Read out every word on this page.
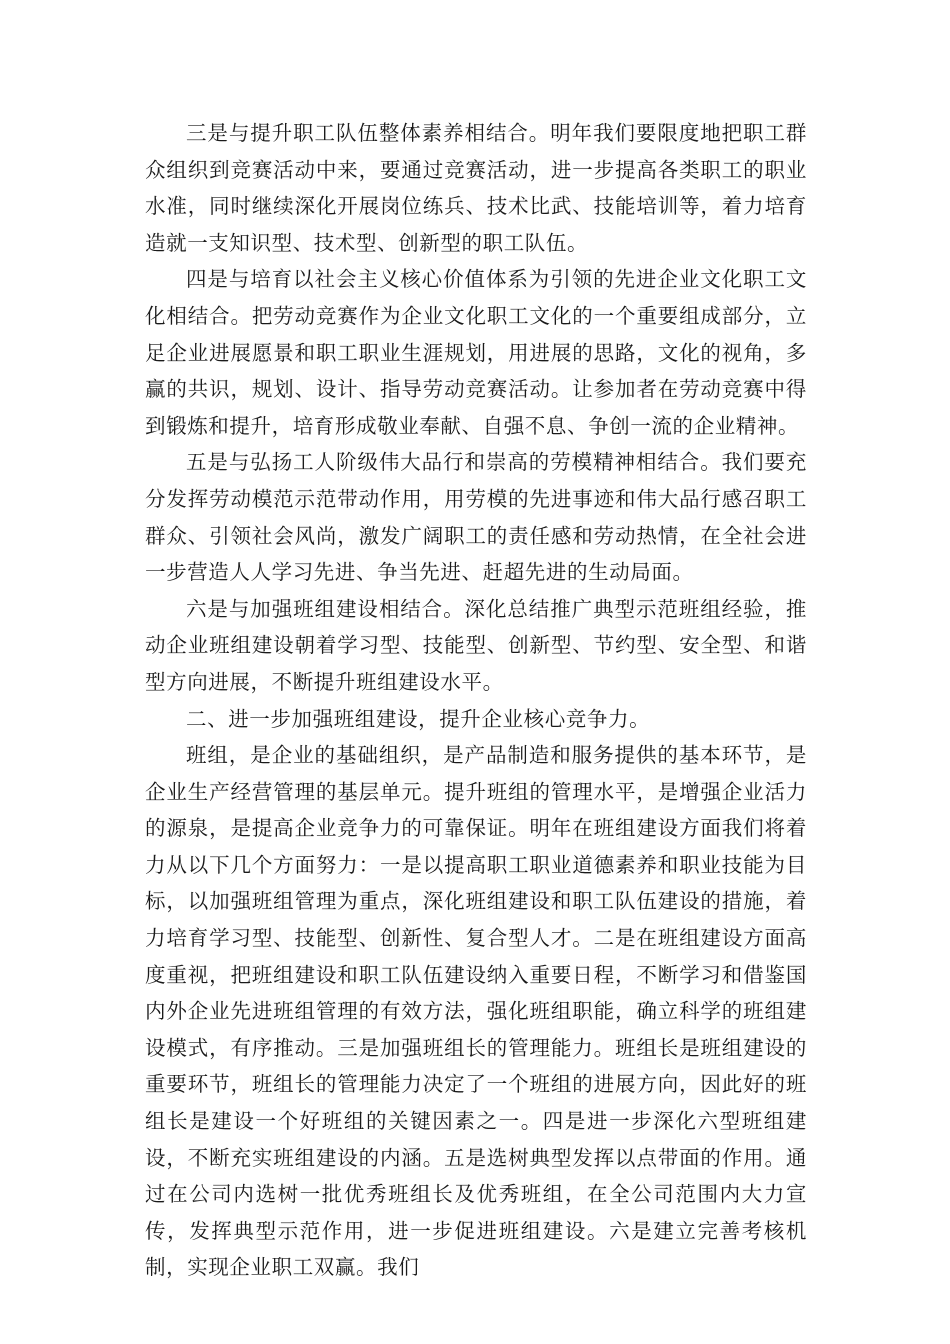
三是与提升职工队伍整体素养相结合。明年我们要限度地把职工群众组织到竞赛活动中来，要通过竞赛活动，进一步提高各类职工的职业水准，同时继续深化开展岗位练兵、技术比武、技能培训等，着力培育造就一支知识型、技术型、创新型的职工队伍。

四是与培育以社会主义核心价值体系为引领的先进企业文化职工文化相结合。把劳动竞赛作为企业文化职工文化的一个重要组成部分，立足企业进展愿景和职工职业生涯规划，用进展的思路，文化的视角，多赢的共识，规划、设计、指导劳动竞赛活动。让参加者在劳动竞赛中得到锻炼和提升，培育形成敬业奉献、自强不息、争创一流的企业精神。

五是与弘扬工人阶级伟大品行和崇高的劳模精神相结合。我们要充分发挥劳动模范示范带动作用，用劳模的先进事迹和伟大品行感召职工群众、引领社会风尚，激发广阔职工的责任感和劳动热情，在全社会进一步营造人人学习先进、争当先进、赶超先进的生动局面。

六是与加强班组建设相结合。深化总结推广典型示范班组经验，推动企业班组建设朝着学习型、技能型、创新型、节约型、安全型、和谐型方向进展，不断提升班组建设水平。

二、进一步加强班组建设，提升企业核心竞争力。

班组，是企业的基础组织，是产品制造和服务提供的基本环节，是企业生产经营管理的基层单元。提升班组的管理水平，是增强企业活力的源泉，是提高企业竞争力的可靠保证。明年在班组建设方面我们将着力从以下几个方面努力：一是以提高职工职业道德素养和职业技能为目标，以加强班组管理为重点，深化班组建设和职工队伍建设的措施，着力培育学习型、技能型、创新性、复合型人才。二是在班组建设方面高度重视，把班组建设和职工队伍建设纳入重要日程，不断学习和借鉴国内外企业先进班组管理的有效方法，强化班组职能，确立科学的班组建设模式，有序推动。三是加强班组长的管理能力。班组长是班组建设的重要环节，班组长的管理能力决定了一个班组的进展方向，因此好的班组长是建设一个好班组的关键因素之一。四是进一步深化六型班组建设，不断充实班组建设的内涵。五是选树典型发挥以点带面的作用。通过在公司内选树一批优秀班组长及优秀班组，在全公司范围内大力宣传，发挥典型示范作用，进一步促进班组建设。六是建立完善考核机制，实现企业职工双赢。我们
